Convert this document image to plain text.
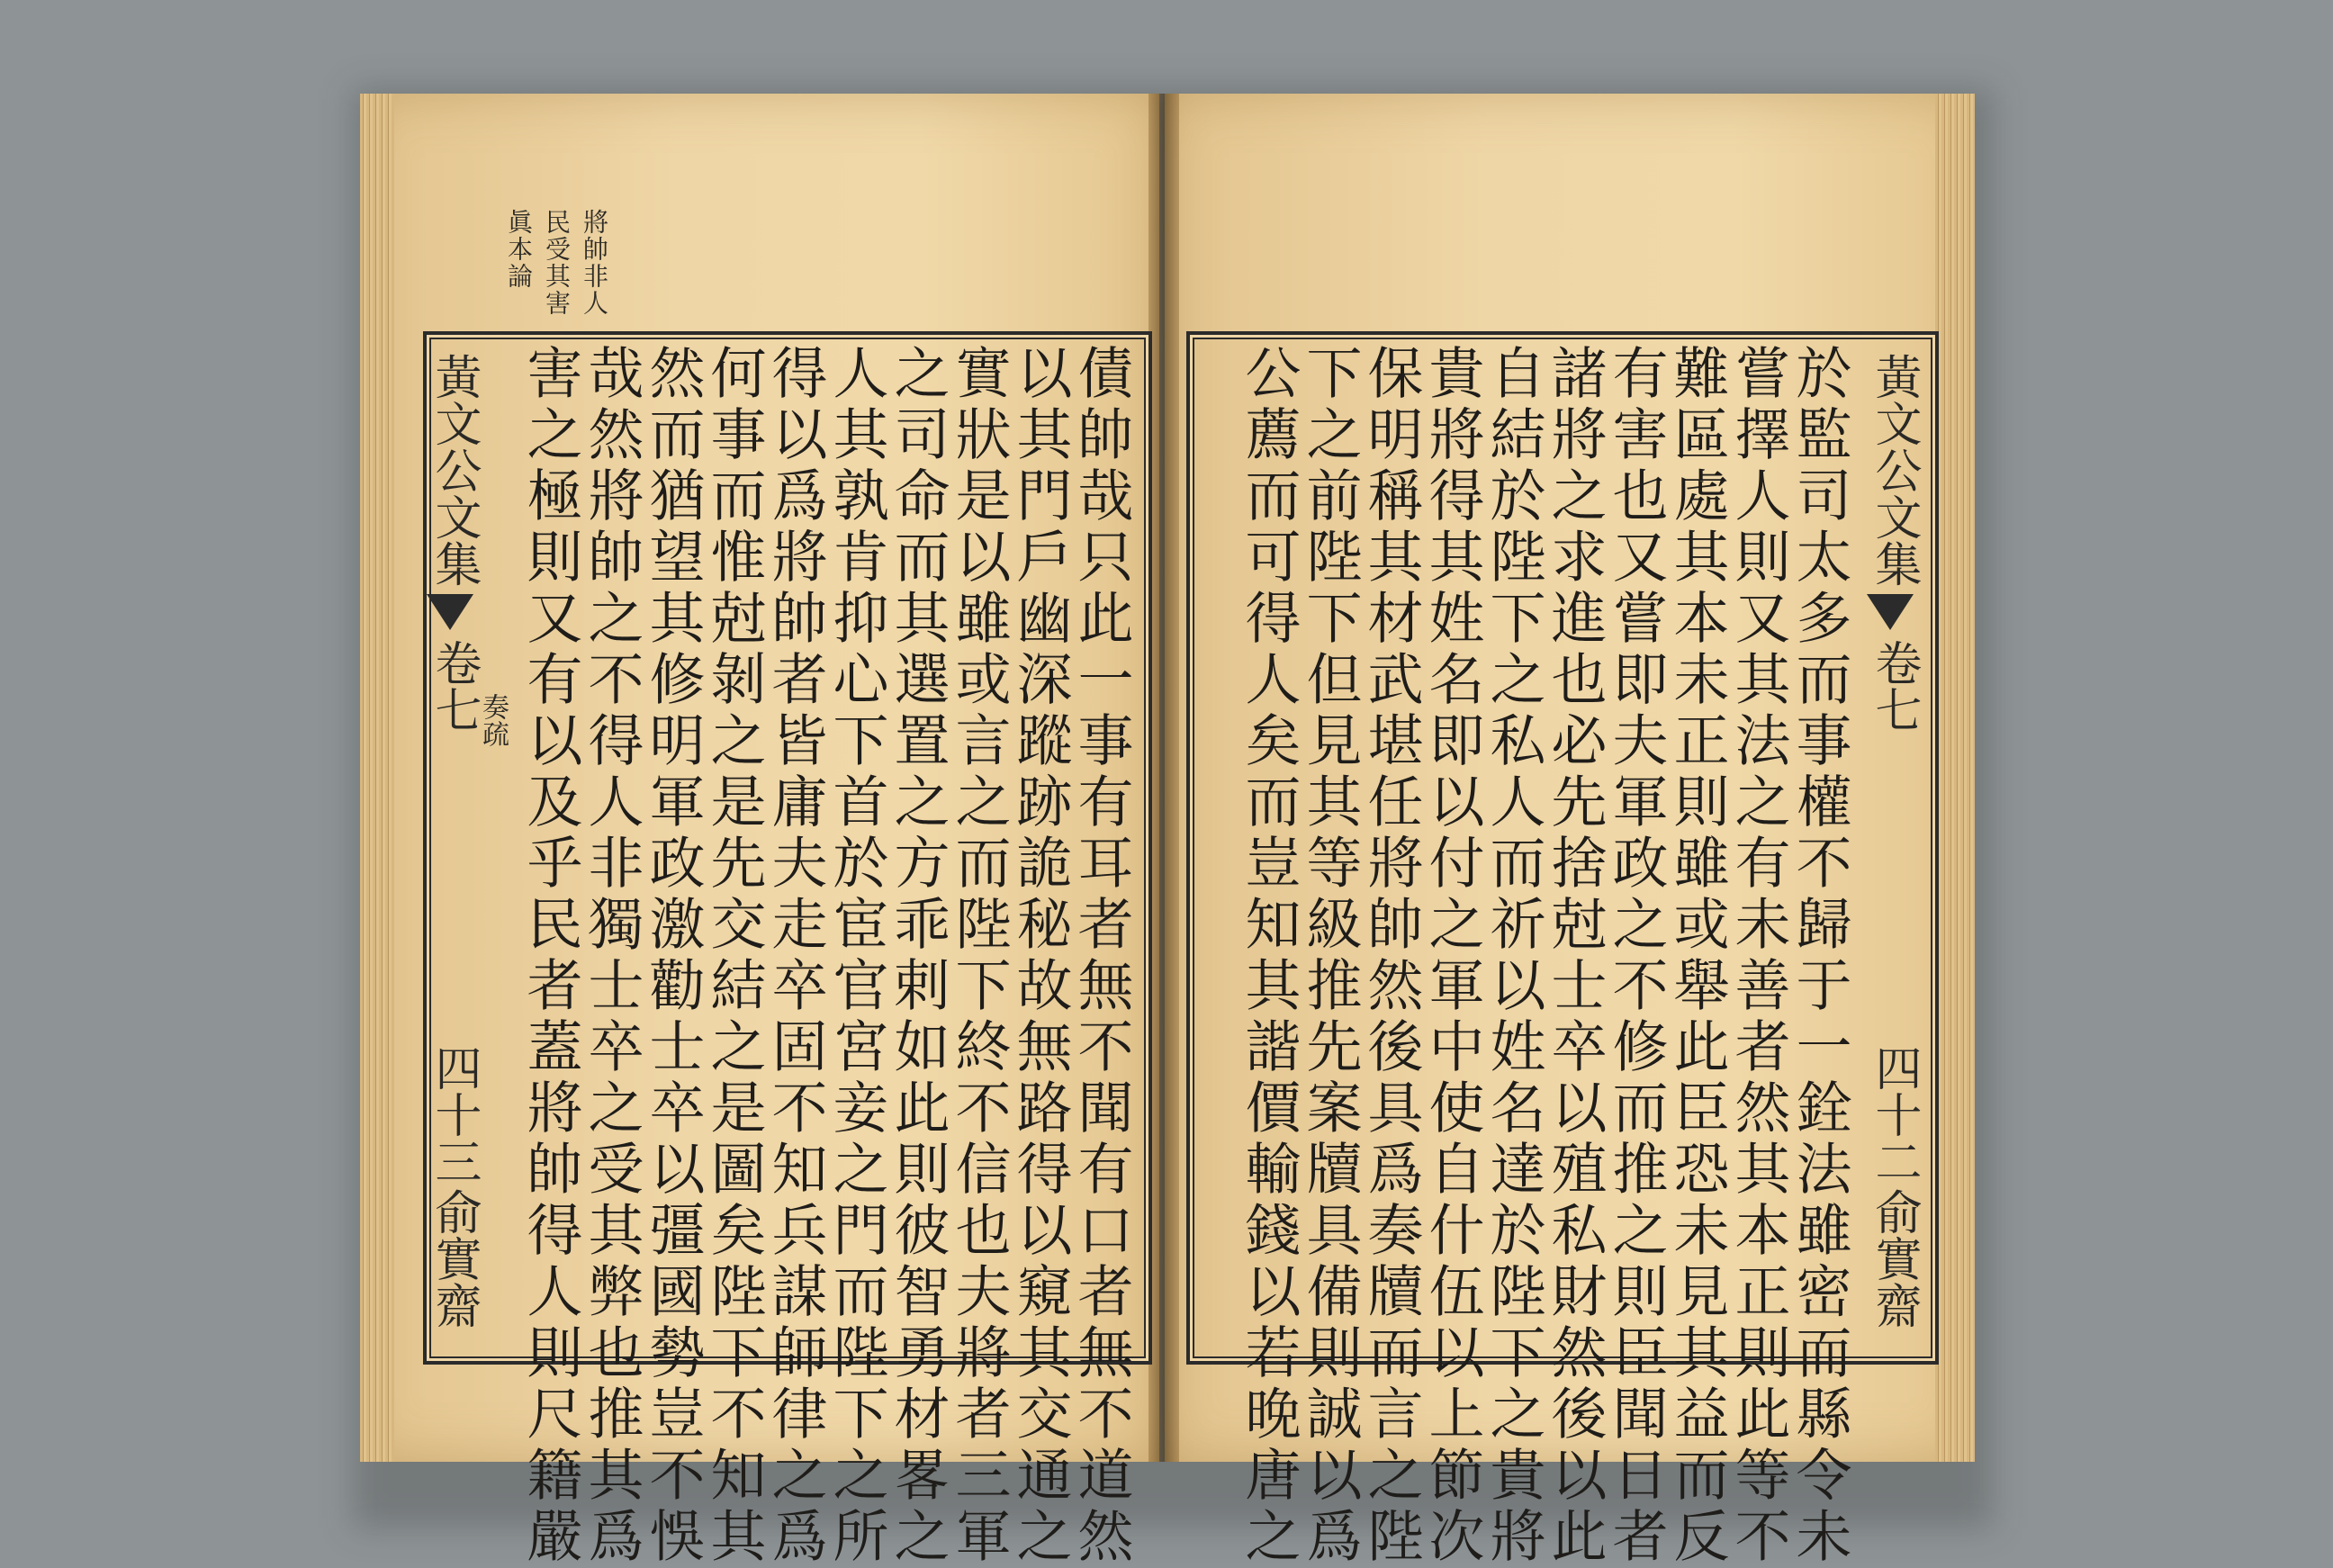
將帥非人
民受其害
眞本論
債帥哉只此一事有耳者無不聞有口者無不道然
以其門戶幽深蹤跡詭秘故無路得以窺其交通之
實狀是以雖或言之而陛下終不信也夫將者三軍
之司命而其選置之方乖剌如此則彼智勇材畧之
人其孰肯抑心下首於宦官宮妾之門而陛下之所
得以爲將帥者皆庸夫走卒固不知兵謀師律之爲
何事而惟尅剝之是先交結之是圖矣陛下不知其
然而猶望其修明軍政激勸士卒以彊國勢豈不悞
哉然將帥之不得人非獨士卒之受其弊也推其爲
害之極則又有以及乎民者蓋將帥得人則尺籍嚴
黃文公文集
卷七
奏疏
四十三
俞實齋	於監司太多而事權不歸于一銓法雖密而縣令未
嘗擇人則又其法之有未善者然其本正則此等不
難區處其本未正則雖或舉此臣恐未見其益而反
有害也又嘗即夫軍政之不修而推之則臣聞日者
諸將之求進也必先捨尅士卒以殖私財然後以此
自結於陛下之私人而祈以姓名達於陛下之貴將
貴將得其姓名即以付之軍中使自什伍以上節次
保明稱其材武堪任將帥然後具爲奏牘而言之陛
下之前陛下但見其等級推先案牘具備則誠以爲
公薦而可得人矣而豈知其諧價輸錢以若晚唐之	黃文公文集
卷七
四十二
俞實齋
